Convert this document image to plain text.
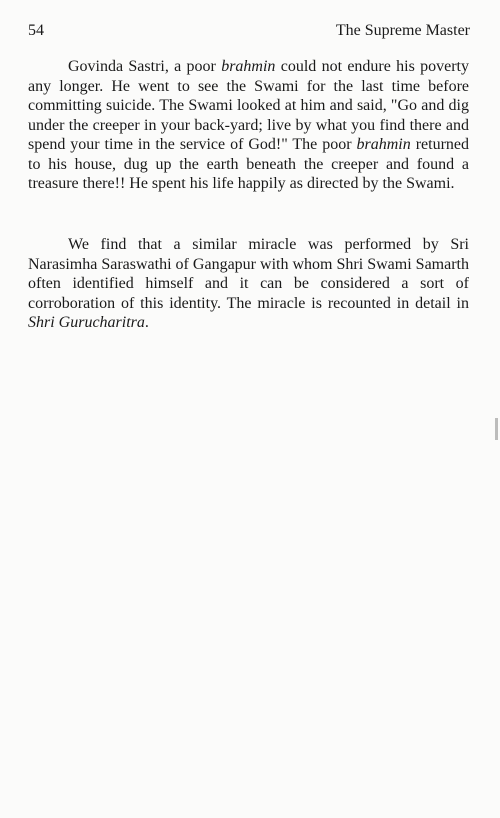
54	The Supreme Master

Govinda Sastri, a poor brahmin could not endure his poverty any longer. He went to see the Swami for the last time before committing suicide. The Swami looked at him and said, "Go and dig under the creeper in your back-yard; live by what you find there and spend your time in the service of God!" The poor brahmin returned to his house, dug up the earth beneath the creeper and found a treasure there!! He spent his life happily as directed by the Swami.

We find that a similar miracle was performed by Sri Narasimha Saraswathi of Gangapur with whom Shri Swami Samarth often identified himself and it can be considered a sort of corroboration of this identity. The miracle is recounted in detail in Shri Gurucharitra.
